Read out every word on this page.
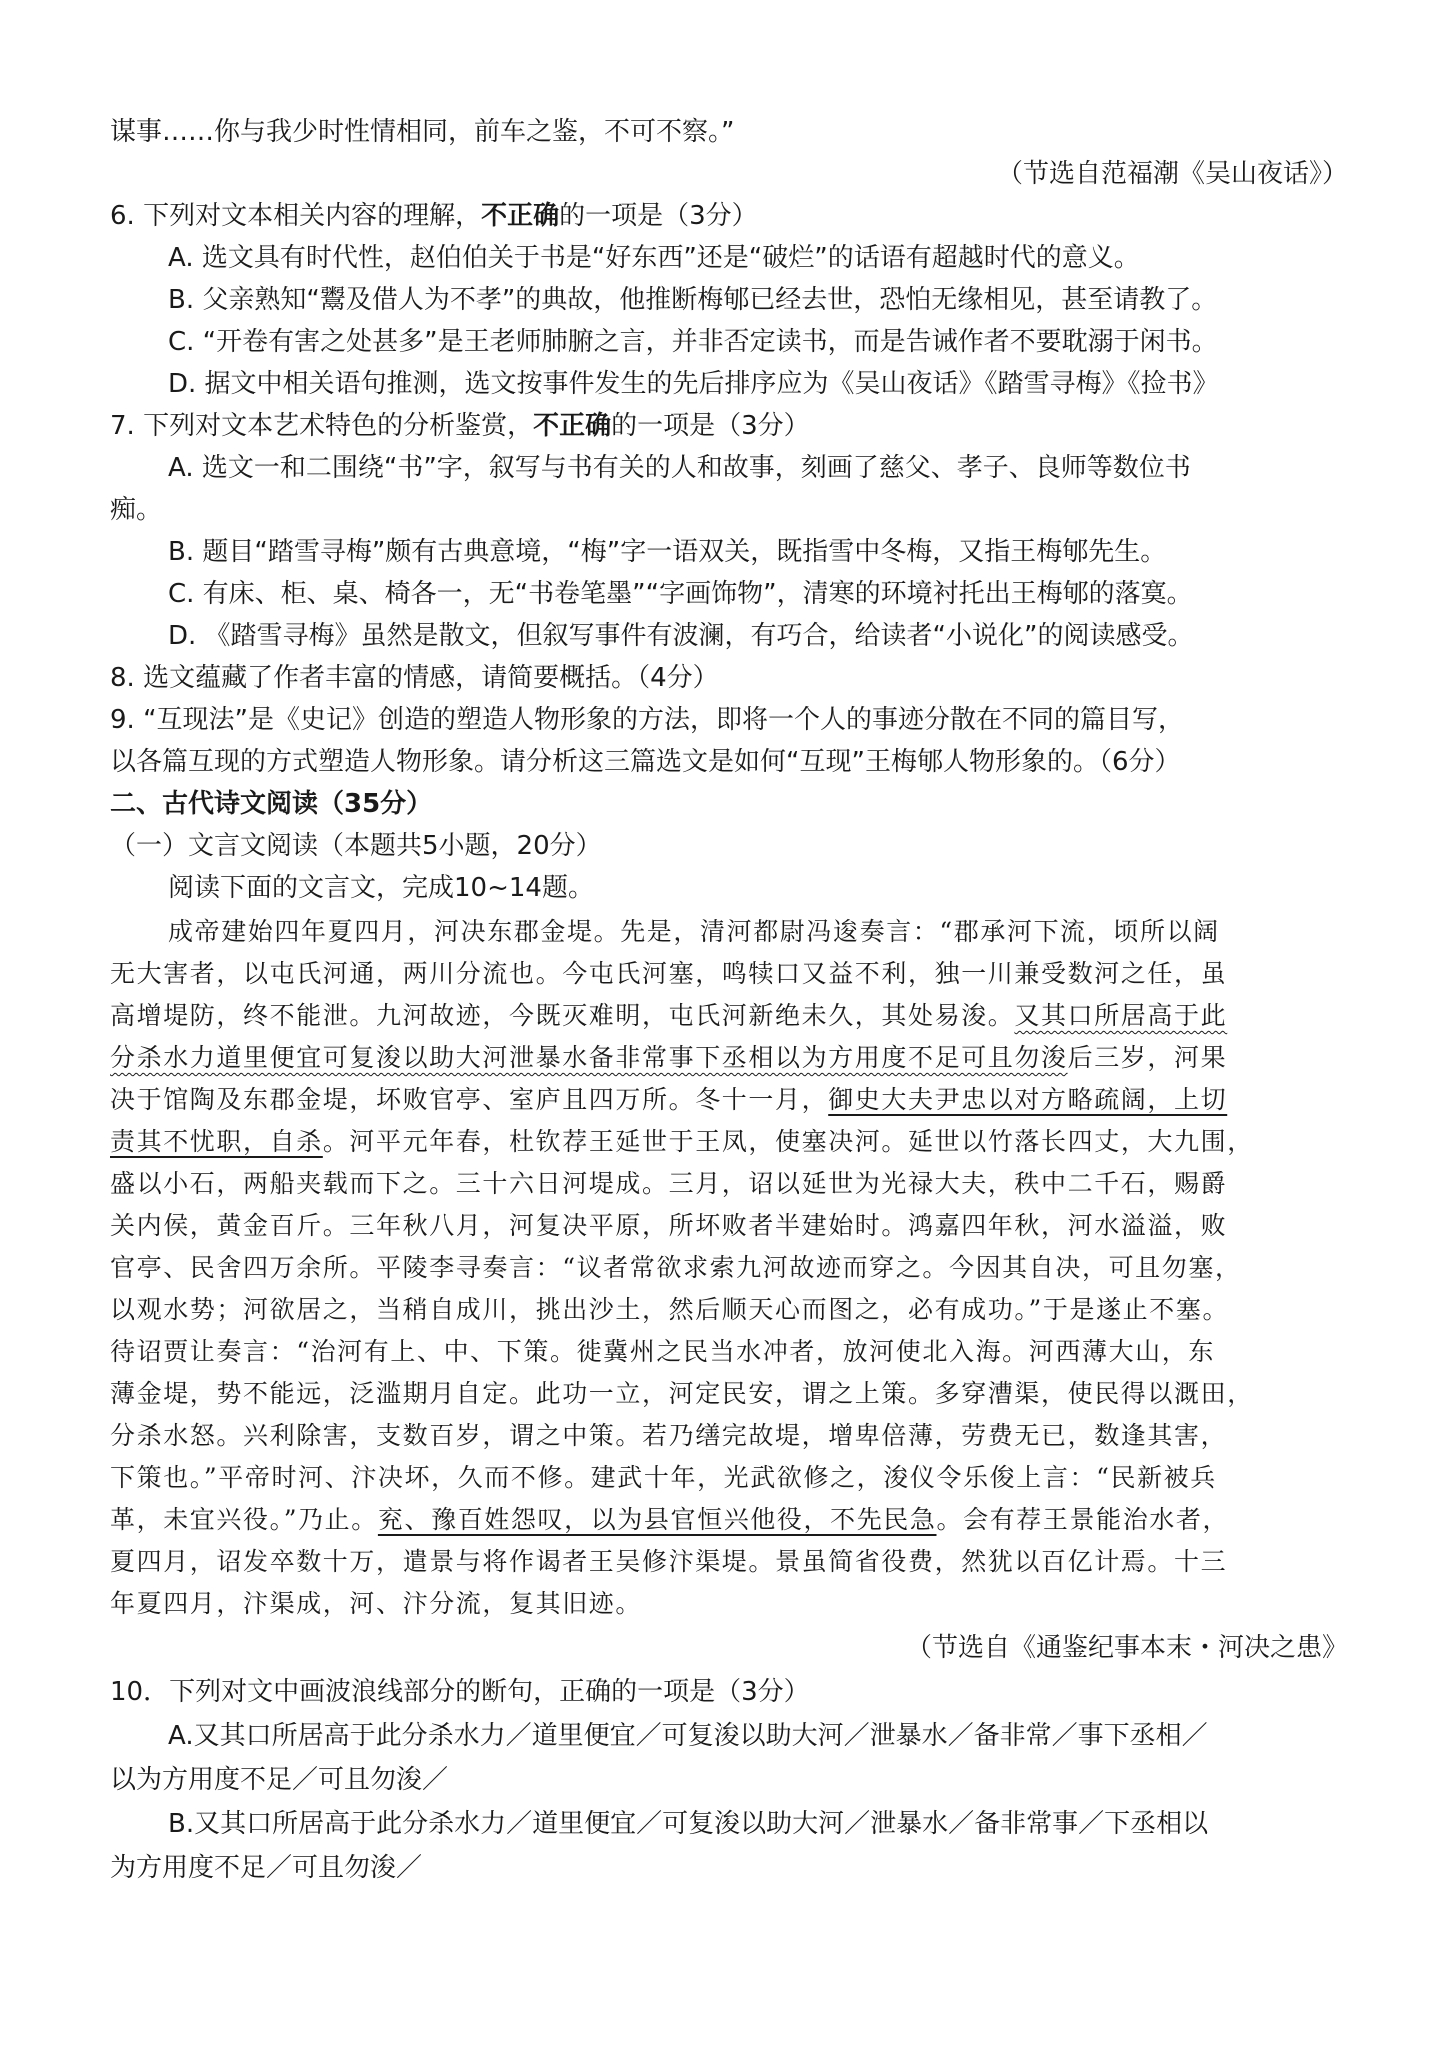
谋事……你与我少时性情相同，前车之鉴，不可不察。”
（节选自范福潮《吴山夜话》）
6. 下列对文本相关内容的理解，不正确的一项是（3分）
A. 选文具有时代性，赵伯伯关于书是“好东西”还是“破烂”的话语有超越时代的意义。
B. 父亲熟知“鬻及借人为不孝”的典故，他推断梅郇已经去世，恐怕无缘相见，甚至请教了。
C. “开卷有害之处甚多”是王老师肺腑之言，并非否定读书，而是告诫作者不要耽溺于闲书。
D. 据文中相关语句推测，选文按事件发生的先后排序应为《吴山夜话》《踏雪寻梅》《捡书》
7. 下列对文本艺术特色的分析鉴赏，不正确的一项是（3分）
A. 选文一和二围绕“书”字，叙写与书有关的人和故事，刻画了慈父、孝子、良师等数位书
痴。
B. 题目“踏雪寻梅”颇有古典意境，“梅”字一语双关，既指雪中冬梅，又指王梅郇先生。
C. 有床、柜、桌、椅各一，无“书卷笔墨”“字画饰物”，清寒的环境衬托出王梅郇的落寞。
D. 《踏雪寻梅》虽然是散文，但叙写事件有波澜，有巧合，给读者“小说化”的阅读感受。
8. 选文蕴藏了作者丰富的情感，请简要概括。（4分）
9. “互现法”是《史记》创造的塑造人物形象的方法，即将一个人的事迹分散在不同的篇目写，
以各篇互现的方式塑造人物形象。请分析这三篇选文是如何“互现”王梅郇人物形象的。（6分）
二、古代诗文阅读（35分）
（一）文言文阅读（本题共5小题，20分）
阅读下面的文言文，完成10~14题。
成帝建始四年夏四月，河决东郡金堤。先是，清河都尉冯逡奏言：“郡承河下流，顷所以阔
无大害者，以屯氏河通，两川分流也。今屯氏河塞，鸣犊口又益不利，独一川兼受数河之任，虽
高增堤防，终不能泄。九河故迹，今既灭难明，屯氏河新绝未久，其处易浚。又其口所居高于此
分杀水力道里便宜可复浚以助大河泄暴水备非常事下丞相以为方用度不足可且勿浚后三岁，河果
决于馆陶及东郡金堤，坏败官亭、室庐且四万所。冬十一月，御史大夫尹忠以对方略疏阔，上切
责其不忧职，自杀。河平元年春，杜钦荐王延世于王凤，使塞决河。延世以竹落长四丈，大九围，
盛以小石，两船夹载而下之。三十六日河堤成。三月，诏以延世为光禄大夫，秩中二千石，赐爵
关内侯，黄金百斤。三年秋八月，河复决平原，所坏败者半建始时。鸿嘉四年秋，河水溢溢，败
官亭、民舍四万余所。平陵李寻奏言：“议者常欲求索九河故迹而穿之。今因其自决，可且勿塞，
以观水势；河欲居之，当稍自成川，挑出沙土，然后顺天心而图之，必有成功。”于是遂止不塞。
待诏贾让奏言：“治河有上、中、下策。徙冀州之民当水冲者，放河使北入海。河西薄大山，东
薄金堤，势不能远，泛滥期月自定。此功一立，河定民安，谓之上策。多穿漕渠，使民得以溉田，
分杀水怒。兴利除害，支数百岁，谓之中策。若乃缮完故堤，增卑倍薄，劳费无已，数逢其害，
下策也。”平帝时河、汴决坏，久而不修。建武十年，光武欲修之，浚仪令乐俊上言：“民新被兵
革，未宜兴役。”乃止。兖、豫百姓怨叹，以为县官恒兴他役，不先民急。会有荐王景能治水者，
夏四月，诏发卒数十万，遣景与将作谒者王吴修汴渠堤。景虽简省役费，然犹以百亿计焉。十三
年夏四月，汴渠成，河、汴分流，复其旧迹。
（节选自《通鉴纪事本末・河决之患》
10．下列对文中画波浪线部分的断句，正确的一项是（3分）
A.又其口所居高于此分杀水力／道里便宜／可复浚以助大河／泄暴水／备非常／事下丞相／
以为方用度不足／可且勿浚／
B.又其口所居高于此分杀水力／道里便宜／可复浚以助大河／泄暴水／备非常事／下丞相以
为方用度不足／可且勿浚／
